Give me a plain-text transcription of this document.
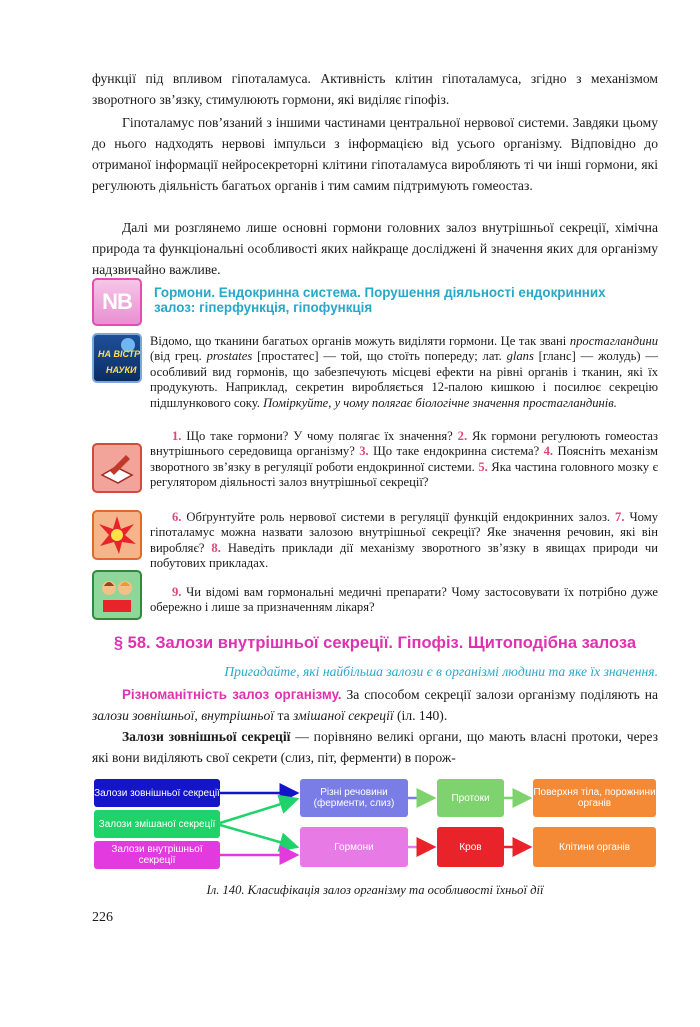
функції під впливом гіпоталамуса. Активність клітин гіпоталамуса, згідно з механізмом зворотного зв’язку, стимулюють гормони, які виділяє гіпофіз.

Гіпоталамус пов’язаний з іншими частинами центральної нервової системи. Завдяки цьому до нього надходять нервові імпульси з інформацією від усього організму. Відповідно до отриманої інформації нейросекреторні клітини гіпоталамуса виробляють ті чи інші гормони, які регулюють діяльність багатьох органів і тим самим підтримують гомеостаз.

Далі ми розглянемо лише основні гормони головних залоз внутрішньої секреції, хімічна природа та функціональні особливості яких найкраще досліджені й значення яких для організму надзвичайно важливе.

NB	Гормони. Ендокринна система. Порушення діяльності ендокринних залоз: гіперфункція, гіпофункція
НА ВІСТРІ
НАУКИ

Відомо, що тканини багатьох органів можуть виділяти гормони. Це так звані простагландини (від грец. prostates [простатес] — той, що стоїть попереду; лат. glans [гланс] — жолудь) — особливий вид гормонів, що забезпечують місцеві ефекти на рівні органів і тканин, які їх продукують. Наприклад, секретин виробляється 12-палою кишкою і посилює секрецію підшлункового соку. Поміркуйте, у чому полягає біологічне значення простагландинів.

1. Що таке гормони? У чому полягає їх значення? 2. Як гормони регулюють гомеостаз внутрішнього середовища організму? 3. Що таке ендокринна система? 4. Поясніть механізм зворотного зв’язку в регуляції роботи ендокринної системи. 5. Яка частина головного мозку є регулятором діяльності залоз внутрішньої секреції?

6. Обґрунтуйте роль нервової системи в регуляції функцій ендокринних залоз. 7. Чому гіпоталамус можна назвати залозою внутрішньої секреції? Яке значення речовин, які він виробляє? 8. Наведіть приклади дії механізму зворотного зв’язку в явищах природи чи побутових прикладах.

9. Чи відомі вам гормональні медичні препарати? Чому застосовувати їх потрібно дуже обережно і лише за призначенням лікаря?

§ 58. Залози внутрішньої секреції. Гіпофіз. Щитоподібна залоза
Пригадайте, які найбільша залози є в організмі людини та яке їх значення.

Різноманітність залоз організму. За способом секреції залози організму поділяють на залози зовнішньої, внутрішньої та змішаної секреції (іл. 140).

Залози зовнішньої секреції — порівняно великі органи, що мають власні протоки, через які вони виділяють свої секрети (слиз, піт, ферменти) в порож-

Залози зовнішньої секреції
Залози змішаної секреції
Залози внутрішньої секреції
Різні речовини (ферменти, слиз)
Гормони
Протоки
Кров
Поверхня тіла, порожнини органів
Клітини органів
Іл. 140. Класифікація залоз організму та особливості їхньої дії
226
